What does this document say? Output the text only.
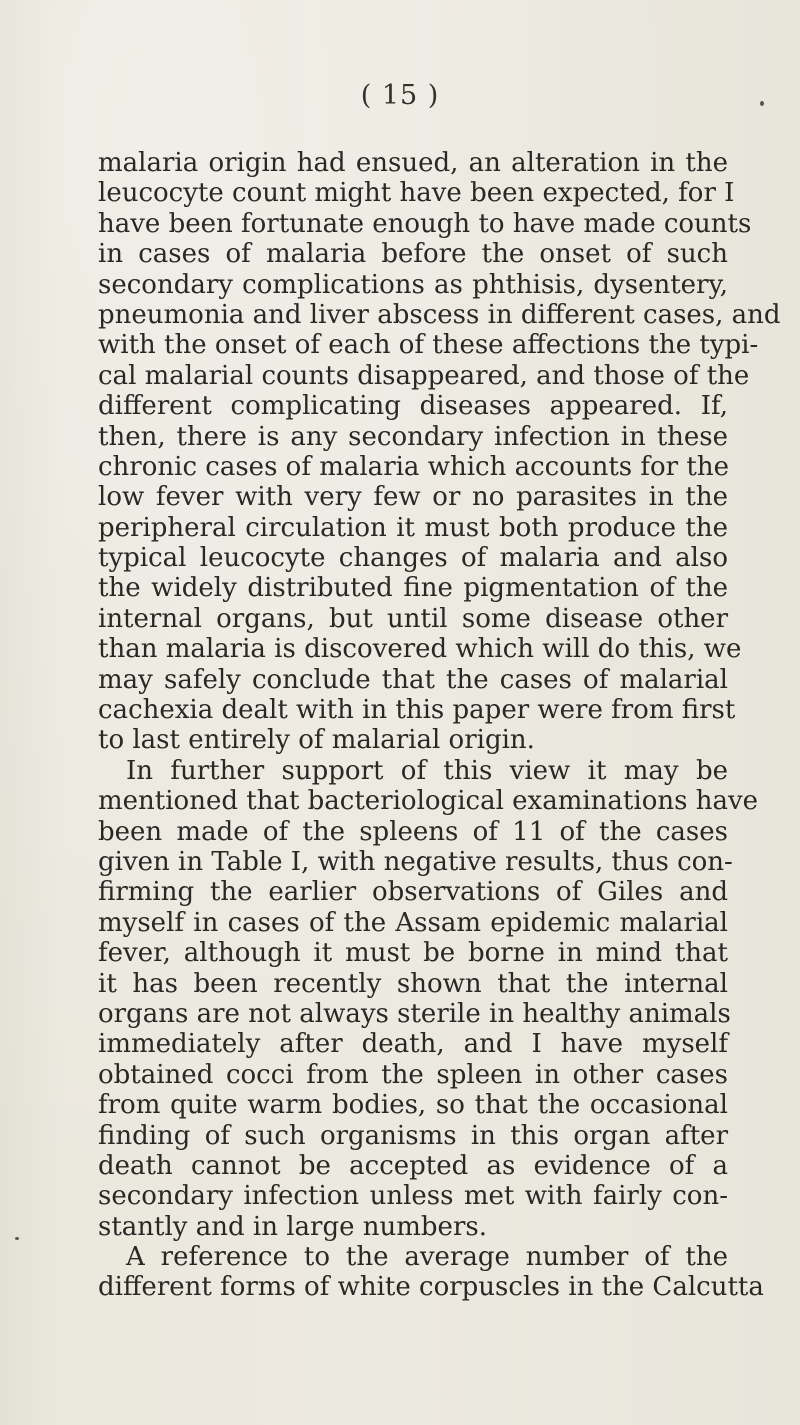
( 15 )
malaria origin had ensued, an alteration in the
leucocyte count might have been expected, for I
have been fortunate enough to have made counts
in cases of malaria before the onset of such
secondary complications as phthisis, dysentery,
pneumonia and liver abscess in different cases, and
with the onset of each of these affections the typi-
cal malarial counts disappeared, and those of the
different complicating diseases appeared. If,
then, there is any secondary infection in these
chronic cases of malaria which accounts for the
low fever with very few or no parasites in the
peripheral circulation it must both produce the
typical leucocyte changes of malaria and also
the widely distributed fine pigmentation of the
internal organs, but until some disease other
than malaria is discovered which will do this, we
may safely conclude that the cases of malarial
cachexia dealt with in this paper were from first
to last entirely of malarial origin.
In further support of this view it may be
mentioned that bacteriological examinations have
been made of the spleens of 11 of the cases
given in Table I, with negative results, thus con-
firming the earlier observations of Giles and
myself in cases of the Assam epidemic malarial
fever, although it must be borne in mind that
it has been recently shown that the internal
organs are not always sterile in healthy animals
immediately after death, and I have myself
obtained cocci from the spleen in other cases
from quite warm bodies, so that the occasional
finding of such organisms in this organ after
death cannot be accepted as evidence of a
secondary infection unless met with fairly con-
stantly and in large numbers.
A reference to the average number of the
different forms of white corpuscles in the Calcutta
